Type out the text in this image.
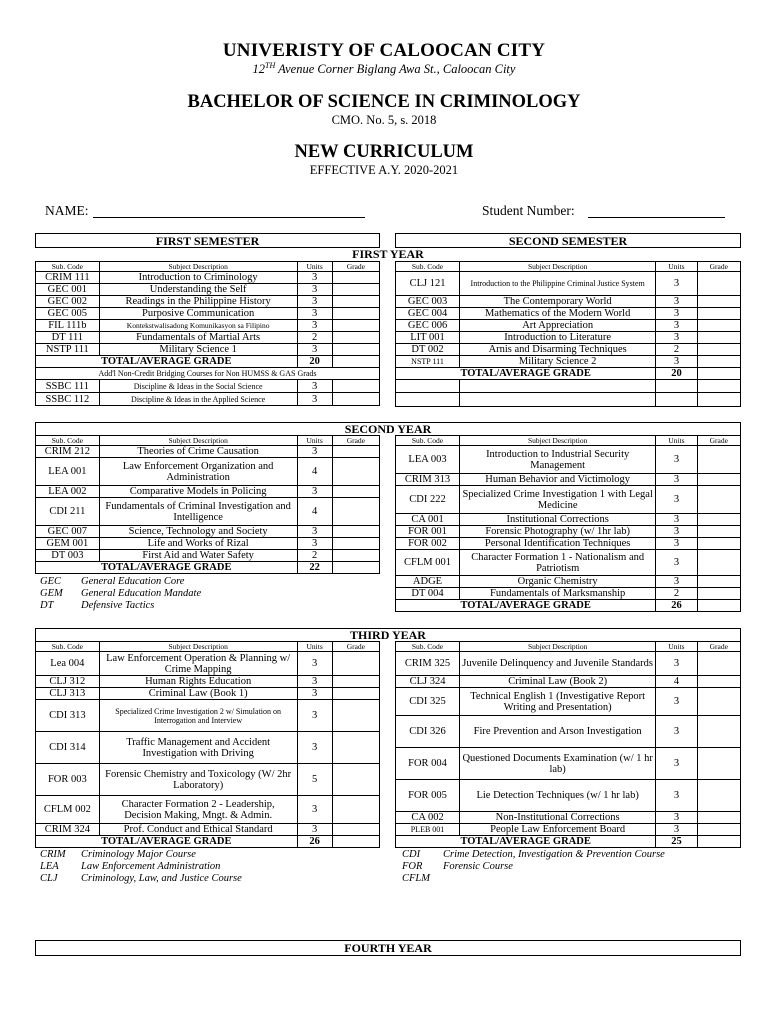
UNIVERISTY OF CALOOCAN CITY
12TH Avenue Corner Biglang Awa St., Caloocan City
BACHELOR OF SCIENCE IN CRIMINOLOGY
CMO. No. 5, s. 2018
NEW CURRICULUM
EFFECTIVE A.Y. 2020-2021
NAME:	Student Number:
FIRST SEMESTER	SECOND SEMESTER
FIRST YEAR
Sub. Code	Subject Description	Units	Grade
CRIM 111	Introduction to Criminology	3	
GEC 001	Understanding the Self	3	
GEC 002	Readings in the Philippine History	3	
GEC 005	Purposive Communication	3	
FIL 111b	Kontekstwalisadong Komunikasyon sa Filipino	3	
DT 111	Fundamentals of Martial Arts	2	
NSTP 111	Military Science 1	3	
TOTAL/AVERAGE GRADE		20	
Add'l Non-Credit Bridging Courses for Non HUMSS & GAS Grads			
SSBC 111	Discipline & Ideas in the Social Science	3	
SSBC 112	Discipline & Ideas in the Applied Science	3	
Sub. Code	Subject Description	Units	Grade
CLJ 121	Introduction to the Philippine Criminal Justice System	3	
GEC 003	The Contemporary World	3	
GEC 004	Mathematics of the Modern World	3	
GEC 006	Art Appreciation	3	
LIT 001	Introduction to Literature	3	
DT 002	Arnis and Disarming Techniques	2	
NSTP 111	Military Science 2	3	
TOTAL/AVERAGE GRADE		20	

SECOND YEAR
Sub. Code	Subject Description	Units	Grade
CRIM 212	Theories of Crime Causation	3	
LEA 001	Law Enforcement Organization and Administration	4	
LEA 002	Comparative Models in Policing	3	
CDI 211	Fundamentals of Criminal Investigation and Intelligence	4	
GEC 007	Science, Technology and Society	3	
GEM 001	Life and Works of Rizal	3	
DT 003	First Aid and Water Safety	2	
TOTAL/AVERAGE GRADE		22	
Sub. Code	Subject Description	Units	Grade
LEA 003	Introduction to Industrial Security Management	3	
CRIM 313	Human Behavior and Victimology	3	
CDI 222	Specialized Crime Investigation 1 with Legal Medicine	3	
CA 001	Institutional Corrections	3	
FOR 001	Forensic Photography (w/ 1hr lab)	3	
FOR 002	Personal Identification Techniques	3	
CFLM 001	Character Formation 1 - Nationalism and Patriotism	3	
ADGE	Organic Chemistry	3	
DT 004	Fundamentals of Marksmanship	2	
TOTAL/AVERAGE GRADE		26	
GEC General Education Core
GEM General Education Mandate
DT	Defensive Tactics
THIRD YEAR
Sub. Code	Subject Description	Units	Grade
Lea 004	Law Enforcement Operation & Planning w/ Crime Mapping	3	
CLJ 312	Human Rights Education	3	
CLJ 313	Criminal Law (Book 1)	3	
CDI 313	Specialized Crime Investigation 2 w/ Simulation on Interrogation and Interview	3	
CDI 314	Traffic Management and Accident Investigation with Driving	3	
FOR 003	Forensic Chemistry and Toxicology (W/ 2hr Laboratory)	5	
CFLM 002	Character Formation 2 - Leadership, Decision Making, Mngt. & Admin.	3	
CRIM 324	Prof. Conduct and Ethical Standard	3	
TOTAL/AVERAGE GRADE		26	
Sub. Code	Subject Description	Units	Grade
CRIM 325	Juvenile Delinquency and Juvenile Standards	3	
CLJ 324	Criminal Law (Book 2)	4	
CDI 325	Technical English 1 (Investigative Report Writing and Presentation)	3	
CDI 326	Fire Prevention and Arson Investigation	3	
FOR 004	Questioned Documents Examination (w/ 1 hr lab)	3	
FOR 005	Lie Detection Techniques (w/ 1 hr lab)	3	
CA 002	Non-Institutional Corrections	3	
PLEB 001	People Law Enforcement Board	3	
TOTAL/AVERAGE GRADE		25	
CRIM Criminology Major Course
LEA Law Enforcement Administration
CLJ Criminology, Law, and Justice Course
CDI Crime Detection, Investigation & Prevention Course
FOR Forensic Course
CFLM
FOURTH YEAR
